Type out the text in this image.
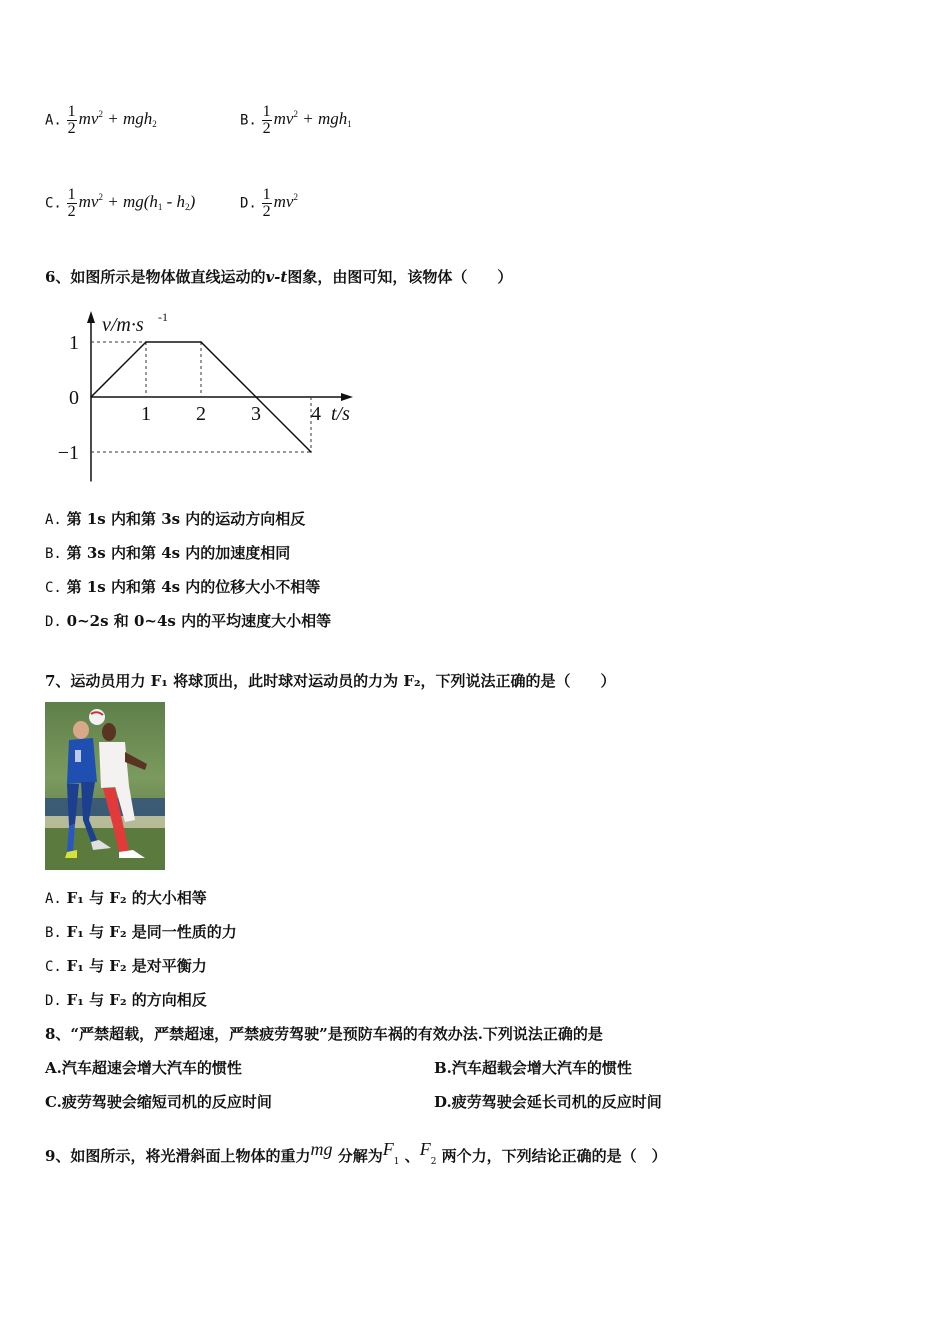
A. $\frac{1}{2} mv^2 + mgh_2$	B. $\frac{1}{2} mv^2 + mgh_1$
C. $\frac{1}{2} mv^2 + mg(h_1 - h_2)$	D. $\frac{1}{2} mv^2$
6、如图所示是物体做直线运动的v-t图象，由图可知，该物体（　　）
1 2 3	4
1
0
−1
v/m·s -1
t/s
A. 第 1s 内和第 3s 内的运动方向相反
B. 第 3s 内和第 4s 内的加速度相同
C. 第 1s 内和第 4s 内的位移大小不相等
D. 0~2s 和 0~4s 内的平均速度大小相等
7、运动员用力 F₁ 将球顶出，此时球对运动员的力为 F₂，下列说法正确的是（　　）
A. F₁ 与 F₂ 的大小相等
B. F₁ 与 F₂ 是同一性质的力
C. F₁ 与 F₂ 是对平衡力
D. F₁ 与 F₂ 的方向相反
8、“严禁超载，严禁超速，严禁疲劳驾驶”是预防车祸的有效办法.下列说法正确的是
A.汽车超速会增大汽车的惯性	B.汽车超载会增大汽车的惯性
C.疲劳驾驶会缩短司机的反应时间	D.疲劳驾驶会延长司机的反应时间
9、如图所示，将光滑斜面上物体的重力mg 分解为$F_1$ 、$F_2$ 两个力，下列结论正确的是（　）
